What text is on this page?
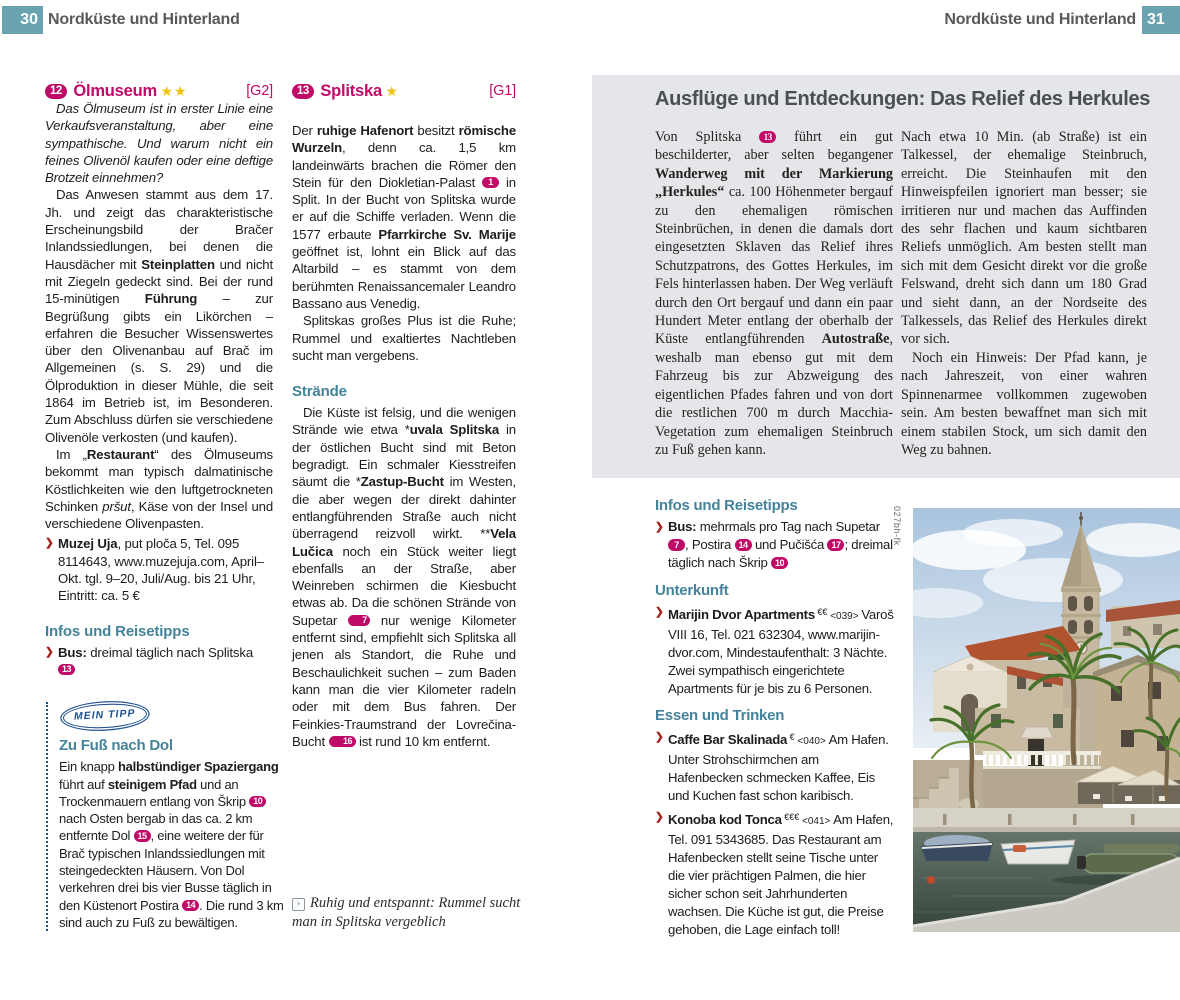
30 Nordküste und Hinterland	Nordküste und Hinterland 31
[G2]
12 Ölmuseum ★★

Das Ölmuseum ist in erster Linie eine Verkaufsveranstaltung, aber eine sympathische. Und warum nicht ein feines Olivenöl kaufen oder eine deftige Brotzeit einnehmen?

Das Anwesen stammt aus dem 17. Jh. und zeigt das charakteristische Erscheinungsbild der Bračer Inlandssiedlungen, bei denen die Hausdächer mit Steinplatten und nicht mit Ziegeln gedeckt sind. Bei der rund 15-minütigen Führung – zur Begrüßung gibts ein Likörchen – erfahren die Besucher Wissenswertes über den Olivenanbau auf Brač im Allgemeinen (s. S. 29) und die Ölproduktion in dieser Mühle, die seit 1864 im Betrieb ist, im Besonderen. Zum Abschluss dürfen sie verschiedene Olivenöle verkosten (und kaufen).

Im „Restaurant“ des Ölmuseums bekommt man typisch dalmatinische Köstlichkeiten wie den luftgetrockneten Schinken pršut, Käse von der Insel und verschiedene Olivenpasten.

❯ Muzej Uja, put ploča 5, Tel. 095 8114643, www.muzejuja.com, April–Okt. tgl. 9–20, Juli/Aug. bis 21 Uhr, Eintritt: ca. 5 €
Infos und Reisetipps
❯ Bus: dreimal täglich nach Splitska 13
MEIN TIPP
Zu Fuß nach Dol
Ein knapp halbstündiger Spaziergang führt auf steinigem Pfad und an Trockenmauern entlang von Škrip 10 nach Osten bergab in das ca. 2 km entfernte Dol 15 , eine weitere der für Brač typischen Inlandssiedlungen mit steingedeckten Häusern. Von Dol verkehren drei bis vier Busse täglich in den Küstenort Postira 14 . Die rund 3 km sind auch zu Fuß zu bewältigen.
[G1]
13 Splitska ★

Der ruhige Hafenort besitzt römische Wurzeln, denn ca. 1,5 km landeinwärts brachen die Römer den Stein für den Diokletian-Palast 1 in Split. In der Bucht von Splitska wurde er auf die Schiffe verladen. Wenn die 1577 erbaute Pfarrkirche Sv. Marije geöffnet ist, lohnt ein Blick auf das Altarbild – es stammt von dem berühmten Renaissancemaler Leandro Bassano aus Venedig.

Splitskas großes Plus ist die Ruhe; Rummel und exaltiertes Nachtleben sucht man vergebens.

Strände

Die Küste ist felsig, und die wenigen Strände wie etwa *uvala Splitska in der östlichen Bucht sind mit Beton begradigt. Ein schmaler Kiesstreifen säumt die *Zastup-Bucht im Westen, die aber wegen der direkt dahinter entlangführenden Straße auch nicht überragend reizvoll wirkt. **Vela Lučica noch ein Stück weiter liegt ebenfalls an der Straße, aber Weinreben schirmen die Kiesbucht etwas ab. Da die schönen Strände von Supetar 7 nur wenige Kilometer entfernt sind, empfiehlt sich Splitska all jenen als Standort, die Ruhe und Beschaulichkeit suchen – zum Baden kann man die vier Kilometer radeln oder mit dem Bus fahren. Der Feinkies-Traumstrand der Lovrečina-Bucht 16 ist rund 10 km entfernt.

› Ruhig und entspannt: Rummel sucht man in Splitska vergeblich
Ausflüge und Entdeckungen: Das Relief des Herkules

Von Splitska 13 führt ein gut beschilderter, aber selten begangener Wanderweg mit der Markierung „Herkules“ ca. 100 Höhenmeter bergauf zu den ehemaligen römischen Steinbrüchen, in denen die damals dort eingesetzten Sklaven das Relief ihres Schutzpatrons, des Gottes Herkules, im Fels hinterlassen haben. Der Weg verläuft durch den Ort bergauf und dann ein paar Hundert Meter entlang der oberhalb der Küste entlangführenden Autostraße, weshalb man ebenso gut mit dem Fahrzeug bis zur Abzweigung des eigentlichen Pfades fahren und von dort die restlichen 700 m durch Macchia-Vegetation zum ehemaligen Steinbruch zu Fuß gehen kann.

Nach etwa 10 Min. (ab Straße) ist ein Talkessel, der ehemalige Steinbruch, erreicht. Die Steinhaufen mit den Hinweispfeilen ignoriert man besser; sie irritieren nur und machen das Auffinden des sehr flachen und kaum sichtbaren Reliefs unmöglich. Am besten stellt man sich mit dem Gesicht direkt vor die große Felswand, dreht sich dann um 180 Grad und sieht dann, an der Nordseite des Talkessels, das Relief des Herkules direkt vor sich.

Noch ein Hinweis: Der Pfad kann, je nach Jahreszeit, von einer wahren Spinnenarmee vollkommen zugewoben sein. Am besten bewaffnet man sich mit einem stabilen Stock, um sich damit den Weg zu bahnen.

Infos und Reisetipps
❯ Bus: mehrmals pro Tag nach Supetar 7 , Postira 14 und Pučišća 17 ; dreimal täglich nach Škrip 10
Unterkunft
❯ Marijin Dvor Apartments €€ <039> Varoš VIII 16, Tel. 021 632304, www.marijin-dvor.com, Mindestaufenthalt: 3 Nächte. Zwei sympathisch eingerichtete Apartments für je bis zu 6 Personen.
Essen und Trinken
❯ Caffe Bar Skalinada € <040> Am Hafen. Unter Strohschirmchen am Hafenbecken schmecken Kaffee, Eis und Kuchen fast schon karibisch.
❯ Konoba kod Tonca €€€ <041> Am Hafen, Tel. 091 5343685. Das Restaurant am Hafenbecken stellt seine Tische unter die vier prächtigen Palmen, die hier sicher schon seit Jahrhunderten wachsen. Die Küche ist gut, die Preise gehoben, die Lage einfach toll!
027bh-fk
